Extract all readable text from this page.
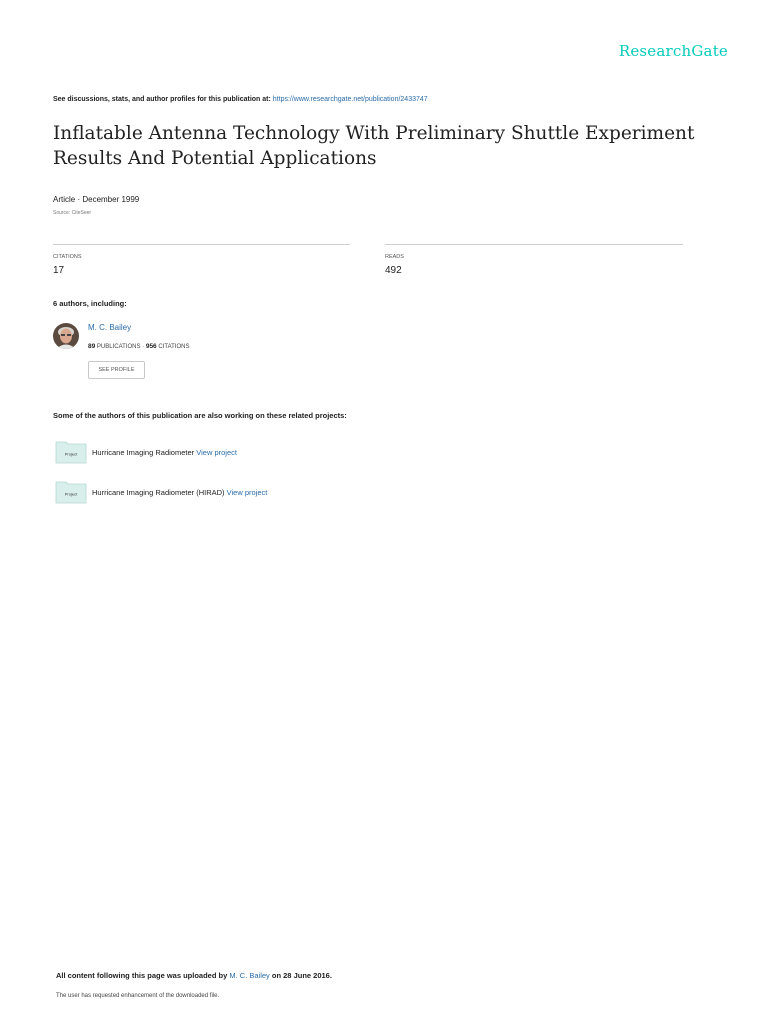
ResearchGate
See discussions, stats, and author profiles for this publication at: https://www.researchgate.net/publication/2433747
Inflatable Antenna Technology With Preliminary Shuttle Experiment
Results And Potential Applications
Article · December 1999
Source: CiteSeer
CITATIONS
17
READS
492
6 authors, including:
M. C. Bailey
89 PUBLICATIONS · 956 CITATIONS
SEE PROFILE
Some of the authors of this publication are also working on these related projects:
Project Hurricane Imaging Radiometer View project
Project Hurricane Imaging Radiometer (HIRAD) View project
All content following this page was uploaded by M. C. Bailey on 28 June 2016.
The user has requested enhancement of the downloaded file.
